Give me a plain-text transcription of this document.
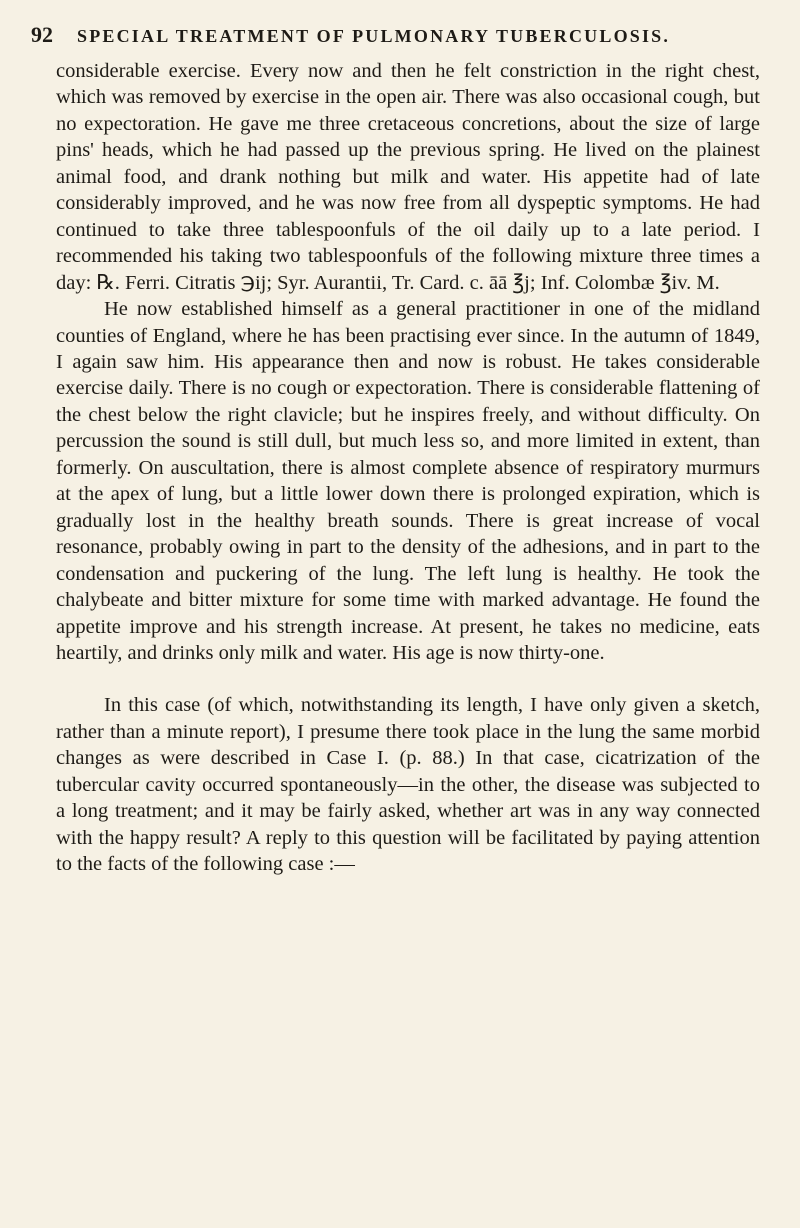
92	SPECIAL TREATMENT OF PULMONARY TUBERCULOSIS.

considerable exercise. Every now and then he felt constriction in the right chest, which was removed by exercise in the open air. There was also occasional cough, but no expectoration. He gave me three cretaceous concretions, about the size of large pins' heads, which he had passed up the previous spring. He lived on the plainest animal food, and drank nothing but milk and water. His appetite had of late considerably improved, and he was now free from all dyspeptic symptoms. He had continued to take three tablespoonfuls of the oil daily up to a late period. I recommended his taking two tablespoonfuls of the following mixture three times a day: ℞. Ferri. Citratis ℈ij; Syr. Aurantii, Tr. Card. c. āā ℥j; Inf. Colombæ ℥iv. M.

He now established himself as a general practitioner in one of the midland counties of England, where he has been practising ever since. In the autumn of 1849, I again saw him. His appearance then and now is robust. He takes considerable exercise daily. There is no cough or expectoration. There is considerable flattening of the chest below the right clavicle; but he inspires freely, and without difficulty. On percussion the sound is still dull, but much less so, and more limited in extent, than formerly. On auscultation, there is almost complete absence of respiratory murmurs at the apex of lung, but a little lower down there is prolonged expiration, which is gradually lost in the healthy breath sounds. There is great increase of vocal resonance, probably owing in part to the density of the adhesions, and in part to the condensation and puckering of the lung. The left lung is healthy. He took the chalybeate and bitter mixture for some time with marked advantage. He found the appetite improve and his strength increase. At present, he takes no medicine, eats heartily, and drinks only milk and water. His age is now thirty-one.

In this case (of which, notwithstanding its length, I have only given a sketch, rather than a minute report), I presume there took place in the lung the same morbid changes as were described in Case I. (p. 88.) In that case, cicatrization of the tubercular cavity occurred spontaneously—in the other, the disease was subjected to a long treatment; and it may be fairly asked, whether art was in any way connected with the happy result? A reply to this question will be facilitated by paying attention to the facts of the following case :—
